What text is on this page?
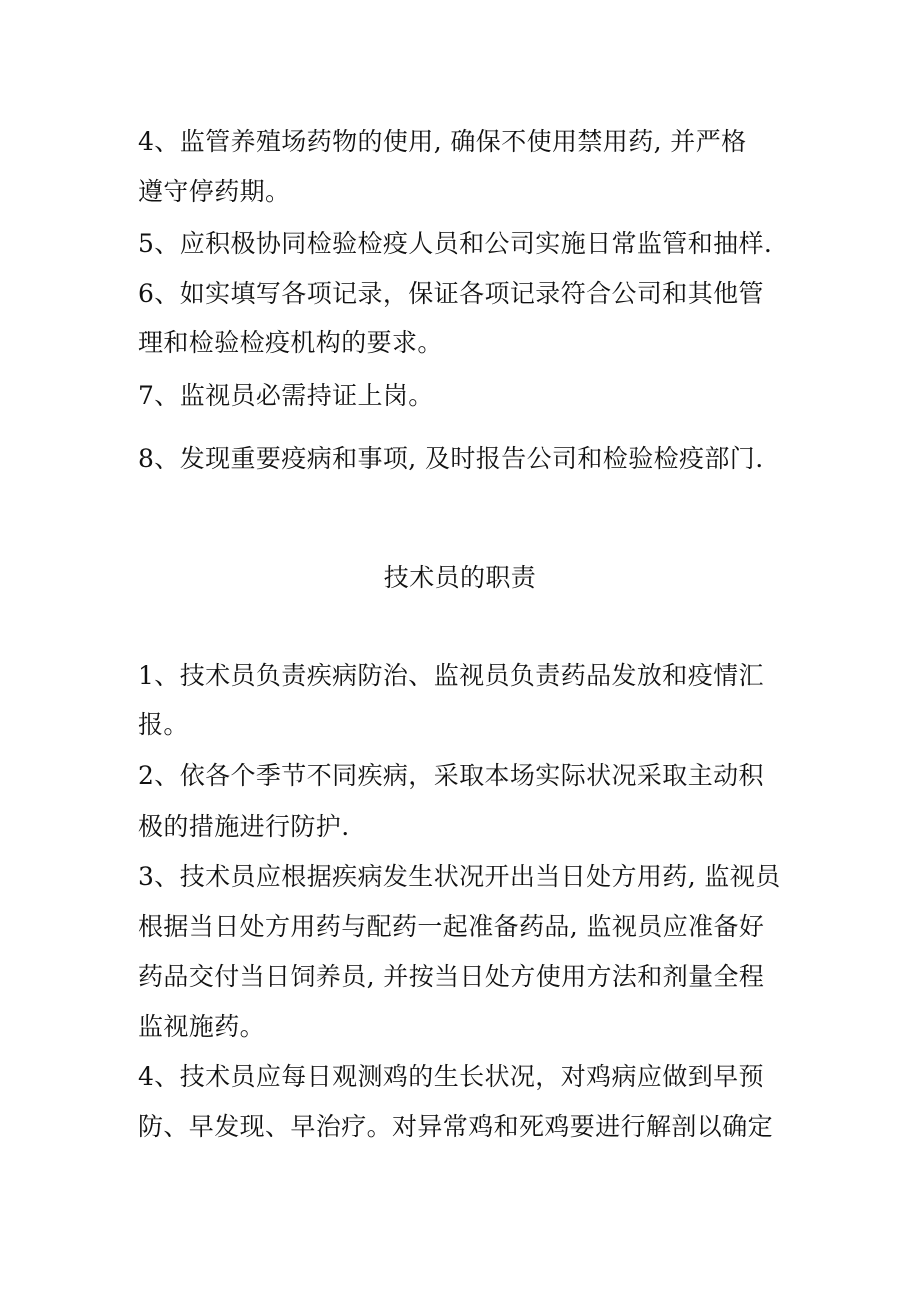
4、监管养殖场药物的使用, 确保不使用禁用药, 并严格
遵守停药期。
5、应积极协同检验检疫人员和公司实施日常监管和抽样.
6、如实填写各项记录，保证各项记录符合公司和其他管
理和检验检疫机构的要求。
7、监视员必需持证上岗。
8、发现重要疫病和事项, 及时报告公司和检验检疫部门.
技术员的职责
1、技术员负责疾病防治、监视员负责药品发放和疫情汇
报。
2、依各个季节不同疾病，采取本场实际状况采取主动积
极的措施进行防护.
3、技术员应根据疾病发生状况开出当日处方用药, 监视员
根据当日处方用药与配药一起准备药品, 监视员应准备好
药品交付当日饲养员, 并按当日处方使用方法和剂量全程
监视施药。
4、技术员应每日观测鸡的生长状况，对鸡病应做到早预
防、早发现、早治疗。对异常鸡和死鸡要进行解剖以确定
